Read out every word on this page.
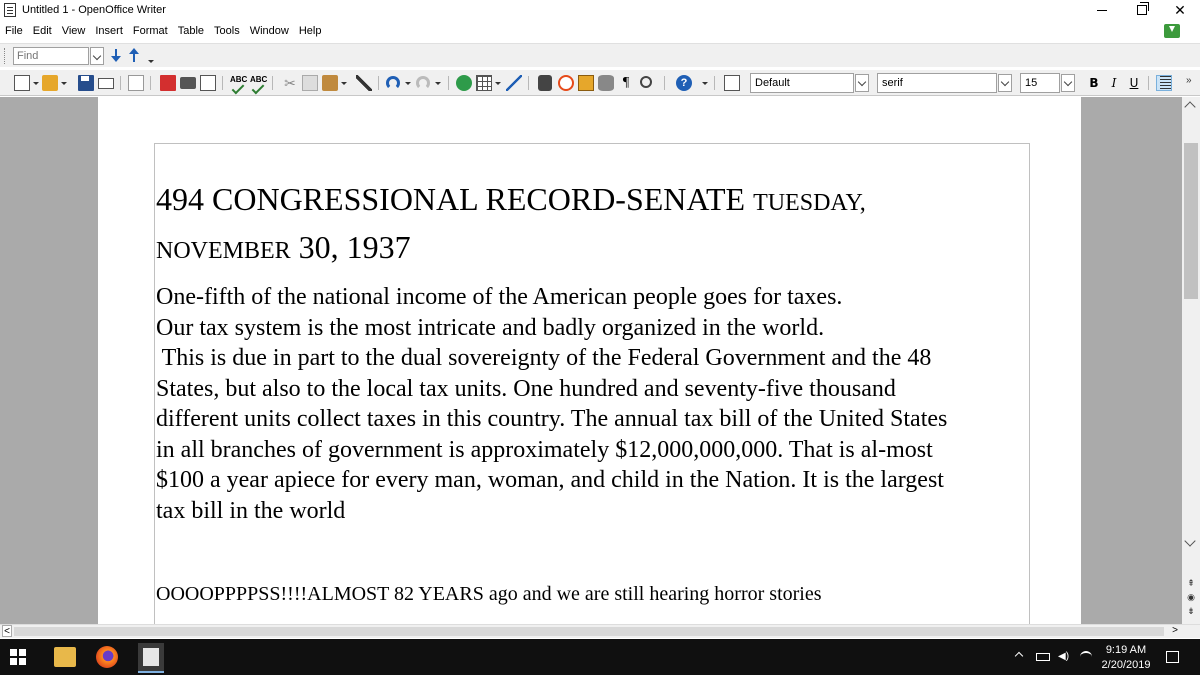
Untitled 1 - OpenOffice Writer	✕
File Edit View Insert Format Table Tools Window Help
Find
ABC ABC ✂	¶	?	Default	serif	15	B	I	U	»
494 CONGRESSIONAL RECORD-SENATE TUESDAY,
NOVEMBER 30, 1937
One-fifth of the national income of the American people goes for taxes.
Our tax system is the most intricate and badly organized in the world.
This is due in part to the dual sovereignty of the Federal Government and the 48
States, but also to the local tax units. One hundred and seventy-five thousand
different units collect taxes in this country. The annual tax bill of the United States
in all branches of government is approximately $12,000,000,000. That is al-most
$100 a year apiece for every man, woman, and child in the Nation. It is the largest
tax bill in the world
OOOOPPPPSS!!!!ALMOST 82 YEARS ago and we are still hearing horror stories	⇞
◉
⇟
<	>
◀)
9:19 AM
2/20/2019
